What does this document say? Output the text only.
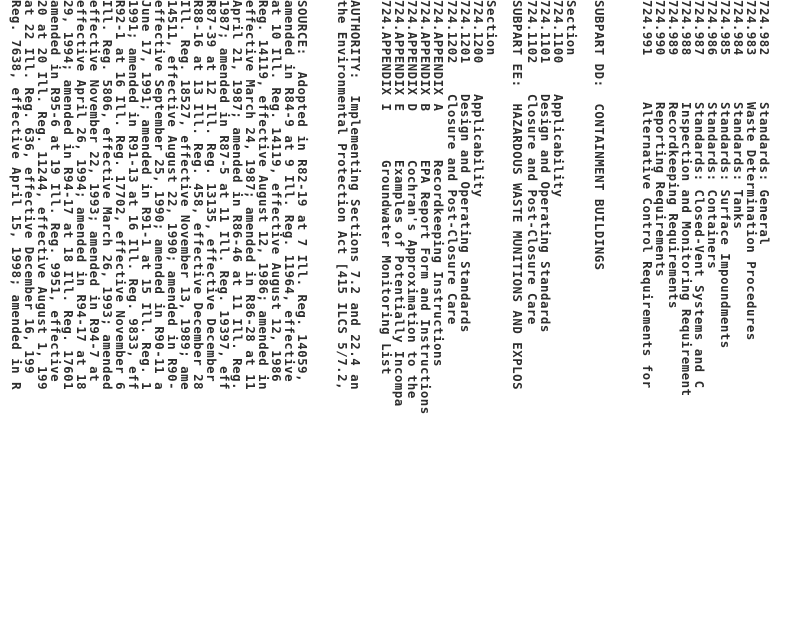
724.982
Standards: General
724.983
Waste Determination Procedures
724.984
Standards: Tanks
724.985
Standards: Surface Impoundments
724.986
Standards: Containers
724.987
Standards: Closed-Vent Systems and C
724.988
Inspection and Monitoring Requirement
724.989
Recordkeeping Requirements
724.990
Reporting Requirements
724.991
Alternative Control Requirements for
SUBPART DD:  CONTAINMENT BUILDINGS
Section
724.1100
Applicability
724.1101
Design and Operating Standards
724.1102
Closure and Post-Closure Care
SUBPART EE:  HAZARDOUS WASTE MUNITIONS AND EXPLOS
Section
724.1200
Applicability
724.1201
Design and Operating Standards
724.1202
Closure and Post-Closure Care
724.APPENDIX A
Recordkeeping Instructions
724.APPENDIX B
EPA Report Form and Instructions
724.APPENDIX D
Cochran's Approximation to the
724.APPENDIX E
Examples of Potentially Incompa
724.APPENDIX I
Groundwater Monitoring List
AUTHORITY:  Implementing Sections 7.2 and 22.4 an
the Environmental Protection Act [415 ILCS 5/7.2,
SOURCE:  Adopted in R82-19 at 7 Ill. Reg. 14059,
amended in R84-9 at 9 Ill. Reg. 11964, effective
at 10 Ill. Reg. 14119, effective August 12, 1986
Reg. 14119, effective August 12, 1986; amended in
effective March 24, 1987; amended in R86-28 at 11
April 21, 1987; amended in R86-46 at 11 Ill. Reg.
1987; amended in R87-5 at 11 Ill. Reg. 19397, eff
R87-39 at 12 Ill. Reg. 13135, effective December
R88-16 at 13 Ill. Reg. 458, effective December 28
Ill. Reg. 18527, effective November 13, 1989; ame
14511, effective August 22, 1990; amended in R90-
effective September 25, 1990; amended in R90-11 a
June 17, 1991; amended in R91-1 at 15 Ill. Reg. 1
1991; amended in R91-13 at 16 Ill. Reg. 9833, eff
R92-1 at 16 Ill. Reg. 17702, effective November 6
Ill. Reg. 5806, effective March 26, 1993; amended
effective November 22, 1993; amended in R94-7 at
effective April 26, 1994; amended in R94-17 at 18
29, 1994; amended in R94-17 at 18 Ill. Reg. 17601
amended in R95-6 at 19 Ill. Reg. 9951, effective
20 at 20 Ill. Reg. 11244, effective August 1, 199
at 22 Ill. Reg. 636, effective December 16, 199
Reg. 7638, effective April 15, 1998; amended in R
